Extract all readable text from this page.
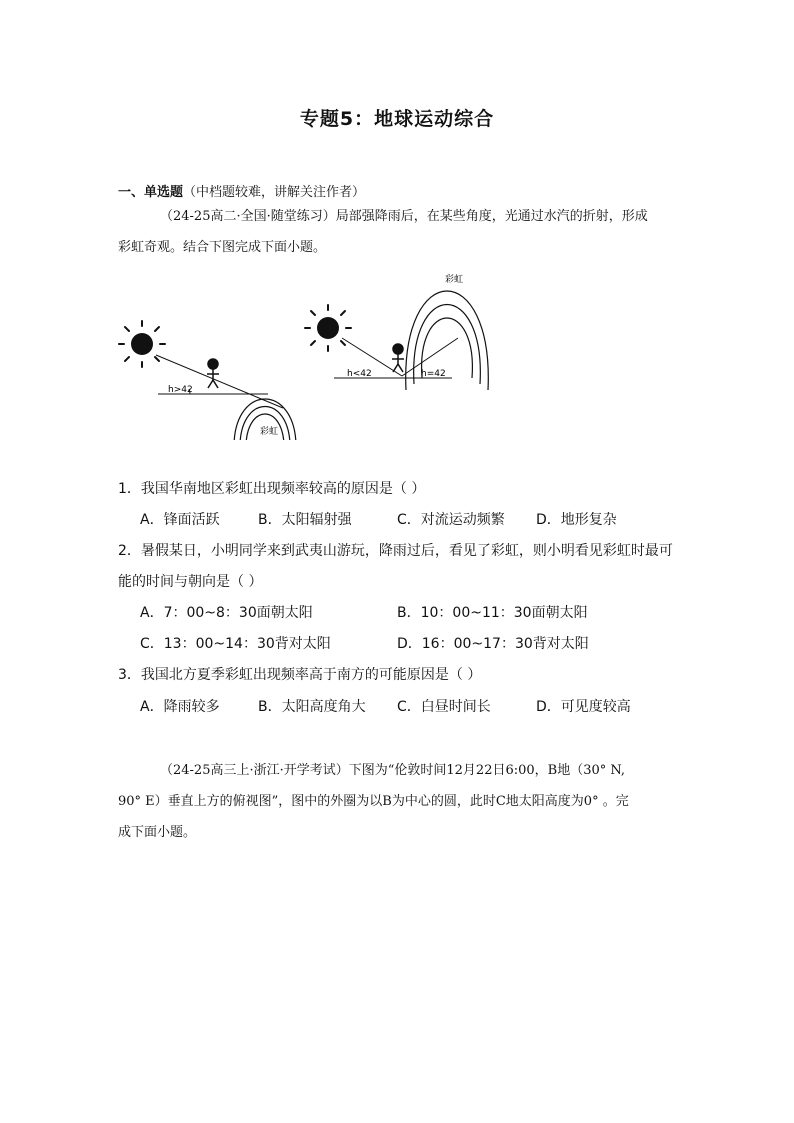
专题5：地球运动综合
一、单选题（中档题较难，讲解关注作者）
（24-25高二·全国·随堂练习）局部强降雨后，在某些角度，光通过水汽的折射，形成
彩虹奇观。结合下图完成下面小题。
h>42
彩虹
h<42	h=42
彩虹
1．我国华南地区彩虹出现频率较高的原因是（ ）
A．锋面活跃	B．太阳辐射强	C．对流运动频繁 D．地形复杂
2．暑假某日，小明同学来到武夷山游玩，降雨过后，看见了彩虹，则小明看见彩虹时最可
能的时间与朝向是（ ）
A．7：00~8：30面朝太阳	B．10：00~11：30面朝太阳
C．13：00~14：30背对太阳	D．16：00~17：30背对太阳
3．我国北方夏季彩虹出现频率高于南方的可能原因是（ ）
A．降雨较多	B．太阳高度角大 C．白昼时间长	D．可见度较高
（24-25高三上·浙江·开学考试）下图为“伦敦时间12月22日6:00，B地（30° N,
90° E）垂直上方的俯视图”，图中的外圈为以B为中心的圆，此时C地太阳高度为0° 。完
成下面小题。
